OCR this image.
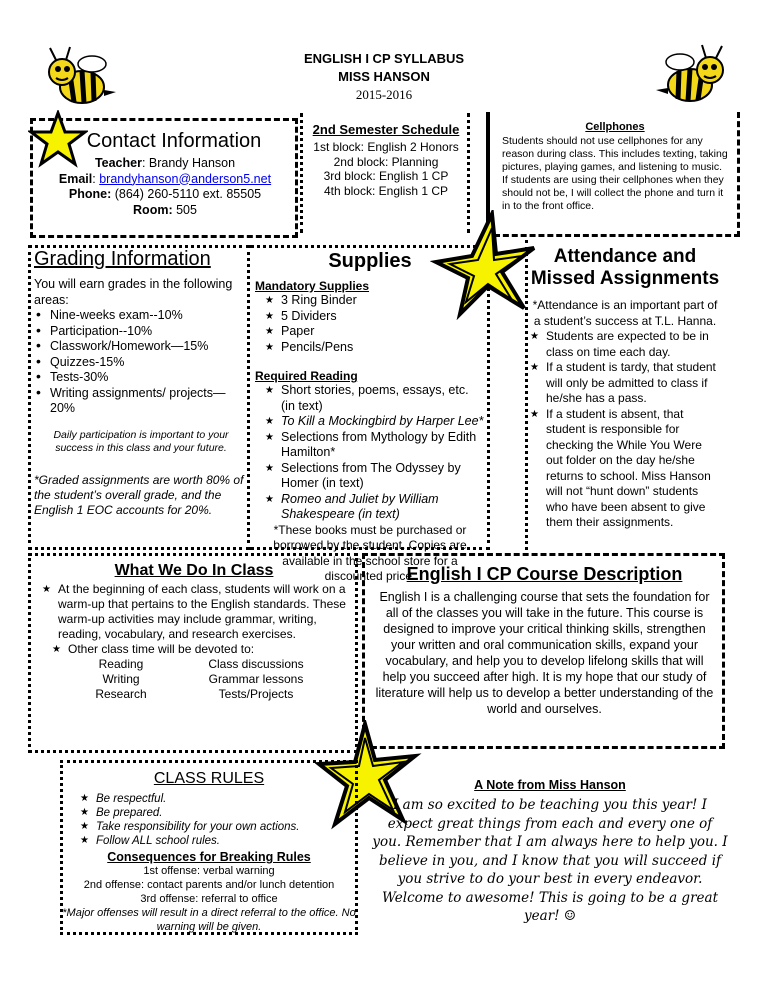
ENGLISH I CP SYLLABUS
MISS HANSON
2015-2016
Contact Information
Teacher: Brandy Hanson
Email: brandyhanson@anderson5.net
Phone: (864) 260-5110 ext. 85505
Room: 505
2nd Semester Schedule
1st block: English 2 Honors
2nd block: Planning
3rd block: English 1 CP
4th block: English 1 CP
Cellphones
Students should not use cellphones for any reason during class. This includes texting, taking pictures, playing games, and listening to music. If students are using their cellphones when they should not be, I will collect the phone and turn it in to the front office.
Grading Information
You will earn grades in the following areas:
• Nine-weeks exam--10%
• Participation--10%
• Classwork/Homework—15%
• Quizzes-15%
• Tests-30%
• Writing assignments/ projects—20%
Daily participation is important to your success in this class and your future.
*Graded assignments are worth 80% of the student’s overall grade, and the English 1 EOC accounts for 20%.
Supplies
Mandatory Supplies
★ 3 Ring Binder
★ 5 Dividers
★ Paper
★ Pencils/Pens
Required Reading
★ Short stories, poems, essays, etc. (in text)
★ To Kill a Mockingbird by Harper Lee*
★ Selections from Mythology by Edith Hamilton*
★ Selections from The Odyssey by Homer (in text)
★ Romeo and Juliet by William Shakespeare (in text)
*These books must be purchased or borrowed by the student. Copies are available in the school store for a discounted price.
Attendance and Missed Assignments
*Attendance is an important part of a student’s success at T.L. Hanna.
★ Students are expected to be in class on time each day.
★ If a student is tardy, that student will only be admitted to class if he/she has a pass.
★ If a student is absent, that student is responsible for checking the While You Were out folder on the day he/she returns to school. Miss Hanson will not “hunt down” students who have been absent to give them their assignments.
What We Do In Class
★ At the beginning of each class, students will work on a warm-up that pertains to the English standards. These warm-up activities may include grammar, writing, reading, vocabulary, and research exercises.
★ Other class time will be devoted to:
Reading
Writing
Research
Class discussions
Grammar lessons
Tests/Projects
English I CP Course Description
English I is a challenging course that sets the foundation for all of the classes you will take in the future. This course is designed to improve your critical thinking skills, strengthen your written and oral communication skills, expand your vocabulary, and help you to develop lifelong skills that will help you succeed after high. It is my hope that our study of literature will help us to develop a better understanding of the world and ourselves.
CLASS RULES
★ Be respectful.
★ Be prepared.
★ Take responsibility for your own actions.
★ Follow ALL school rules.
Consequences for Breaking Rules
1st offense: verbal warning
2nd offense: contact parents and/or lunch detention
3rd offense: referral to office
*Major offenses will result in a direct referral to the office. No warning will be given.
A Note from Miss Hanson
I am so excited to be teaching you this year! I expect great things from each and every one of you. Remember that I am always here to help you. I believe in you, and I know that you will succeed if you strive to do your best in every endeavor. Welcome to awesome! This is going to be a great year! ☺
